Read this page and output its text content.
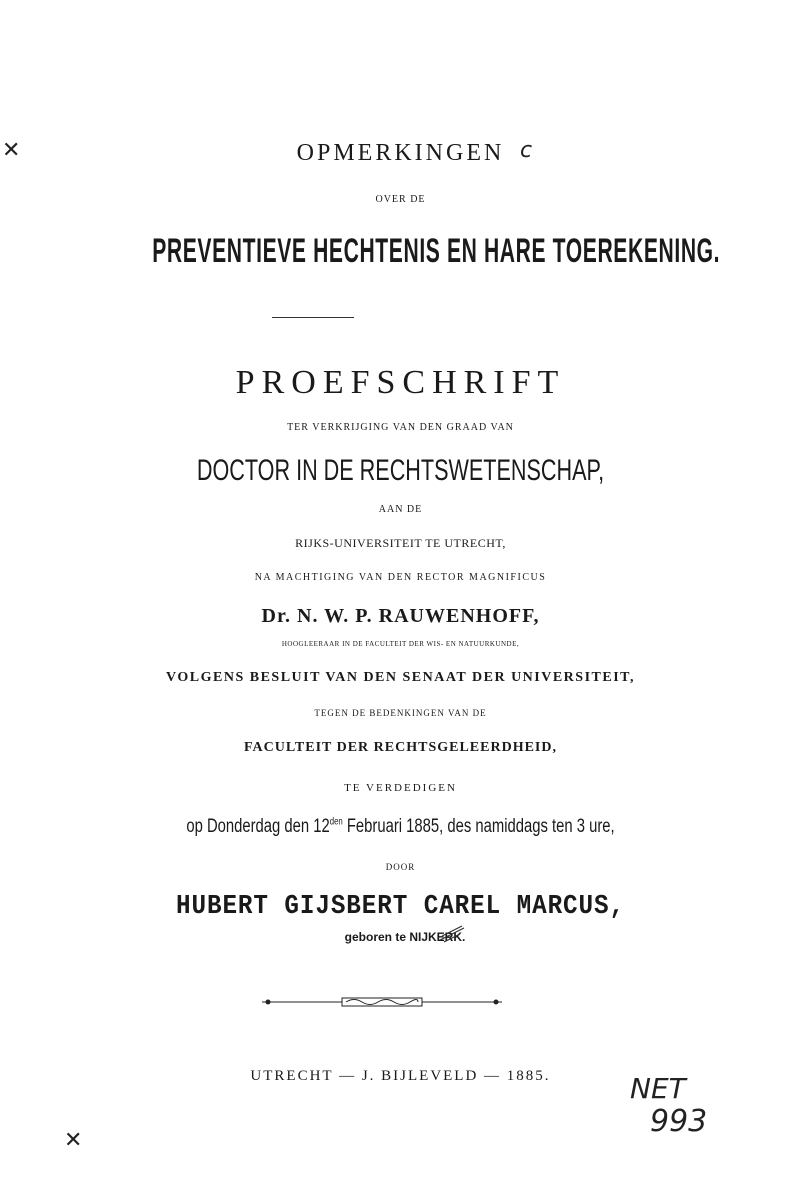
✕	c
OPMERKINGEN
OVER DE
PREVENTIEVE HECHTENIS EN HARE TOEREKENING.
PROEFSCHRIFT
TER VERKRIJGING VAN DEN GRAAD VAN
DOCTOR IN DE RECHTSWETENSCHAP,
AAN DE
RIJKS-UNIVERSITEIT TE UTRECHT,
NA MACHTIGING VAN DEN RECTOR MAGNIFICUS
Dr. N. W. P. RAUWENHOFF,
HOOGLEERAAR IN DE FACULTEIT DER WIS- EN NATUURKUNDE,
VOLGENS BESLUIT VAN DEN SENAAT DER UNIVERSITEIT,
TEGEN DE BEDENKINGEN VAN DE
FACULTEIT DER RECHTSGELEERDHEID,
TE VERDEDIGEN
op Donderdag den $12^{den}$ Februari 1885, des namiddags ten 3 ure,
DOOR
HUBERT GIJSBERT CAREL MARCUS,
geboren te NIJKERK.
UTRECHT — J. BIJLEVELD — 1885.	NET
993
✕
